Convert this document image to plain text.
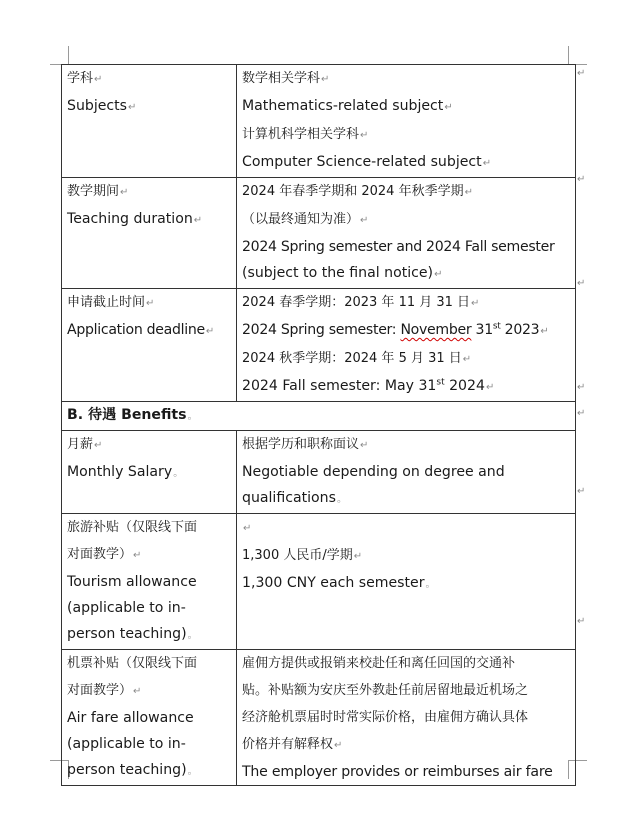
学科↵
Subjects↵	数学相关学科↵
Mathematics-related subject↵
计算机科学相关学科↵
Computer Science-related subject↵

教学期间↵
Teaching duration↵	2024 年春季学期和 2024 年秋季学期↵
（以最终通知为准）↵
2024 Spring semester and 2024 Fall semester
(subject to the final notice)↵

申请截止时间↵
Application deadline↵	2024 春季学期：2023 年 11 月 31 日↵
2024 Spring semester: November 31st 2023↵
2024 秋季学期：2024 年 5 月 31 日↵
2024 Fall semester: May 31st 2024↵

B. 待遇 Benefits。	

月薪↵
Monthly Salary。	根据学历和职称面议↵
Negotiable depending on degree and
qualifications。

旅游补贴（仅限线下面
对面教学）↵
Tourism allowance
(applicable to in-
person teaching)。	↵
1,300 人民币/学期↵
1,300 CNY each semester。

机票补贴（仅限线下面
对面教学）↵
Air fare allowance
(applicable to in-
person teaching)。	雇佣方提供或报销来校赴任和离任回国的交通补
贴。补贴额为安庆至外教赴任前居留地最近机场之
经济舱机票届时时常实际价格，由雇佣方确认具体
价格并有解释权↵
The employer provides or reimburses air fare
↵
↵
↵
↵
↵
↵
↵
